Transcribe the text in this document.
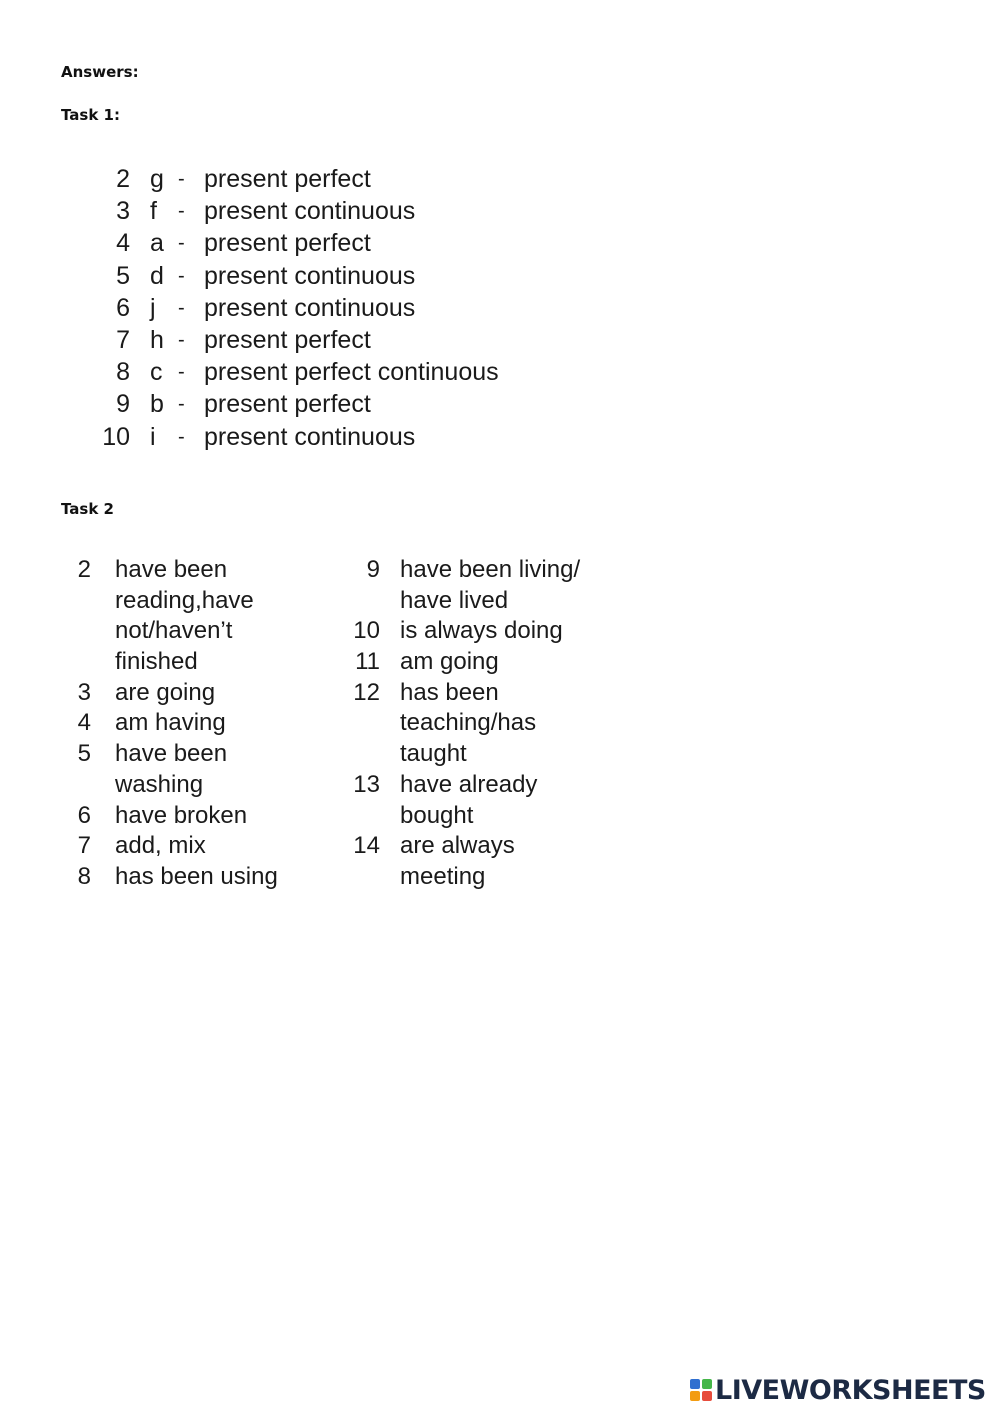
Answers:
Task 1:
2 g - present perfect
3 f - present continuous
4 a - present perfect
5 d - present continuous
6 j - present continuous
7 h - present perfect
8 c - present perfect continuous
9 b - present perfect
10 i - present continuous
Task 2
2 have been
reading,have
not/haven’t
finished
3 are going
4 am having
5 have been
washing
6 have broken
7 add, mix
8 has been using
9 have been living/
have lived
10 is always doing
11 am going
12 has been
teaching/has
taught
13 have already
bought
14 are always
meeting
LIVEWORKSHEETS
